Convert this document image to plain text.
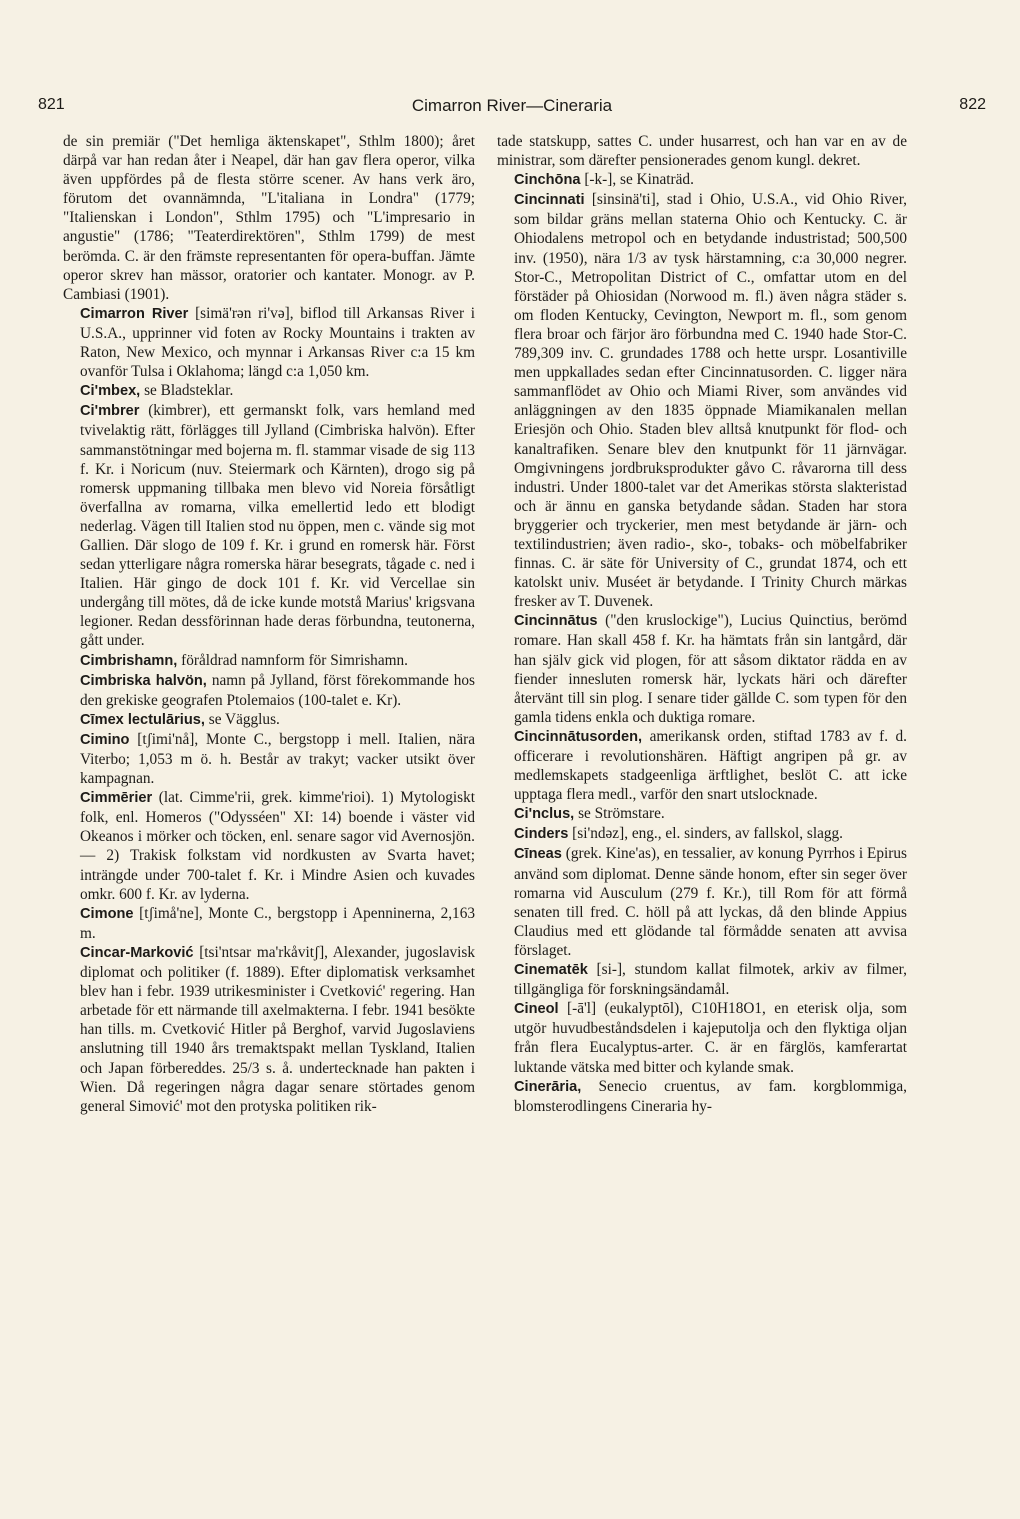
821	Cimarron River—Cineraria	822

de sin premiär ("Det hemliga äktenskapet", Sthlm 1800); året därpå var han redan åter i Neapel, där han gav flera operor, vilka även uppfördes på de flesta större scener. Av hans verk äro, förutom det ovannämnda, "L'italiana in Londra" (1779; "Italienskan i London", Sthlm 1795) och "L'impresario in angustie" (1786; "Teaterdirektören", Sthlm 1799) de mest berömda. C. är den främste representanten för opera-buffan. Jämte operor skrev han mässor, oratorier och kantater. Monogr. av P. Cambiasi (1901).

Cimarron River [simä'rən ri'və], biflod till Arkansas River i U.S.A., upprinner vid foten av Rocky Mountains i trakten av Raton, New Mexico, och mynnar i Arkansas River c:a 15 km ovanför Tulsa i Oklahoma; längd c:a 1,050 km.

Ci'mbex, se Bladsteklar.

Ci'mbrer (kimbrer), ett germanskt folk, vars hemland med tvivelaktig rätt, förlägges till Jylland (Cimbriska halvön). Efter sammanstötningar med bojerna m. fl. stammar visade de sig 113 f. Kr. i Noricum (nuv. Steiermark och Kärnten), drogo sig på romersk uppmaning tillbaka men blevo vid Noreia försåtligt överfallna av romarna, vilka emellertid ledo ett blodigt nederlag. Vägen till Italien stod nu öppen, men c. vände sig mot Gallien. Där slogo de 109 f. Kr. i grund en romersk här. Först sedan ytterligare några romerska härar besegrats, tågade c. ned i Italien. Här gingo de dock 101 f. Kr. vid Vercellae sin undergång till mötes, då de icke kunde motstå Marius' krigsvana legioner. Redan dessförinnan hade deras förbundna, teutonerna, gått under.

Cimbrishamn, föråldrad namnform för Simrishamn.

Cimbriska halvön, namn på Jylland, först förekommande hos den grekiske geografen Ptolemaios (100-talet e. Kr).

Cīmex lectulārius, se Vägglus.

Cimino [tʃimi'nå], Monte C., bergstopp i mell. Italien, nära Viterbo; 1,053 m ö. h. Består av trakyt; vacker utsikt över kampagnan.

Cimmērier (lat. Cimme'rii, grek. kimme'rioi). 1) Mytologiskt folk, enl. Homeros ("Odysséen" XI: 14) boende i väster vid Okeanos i mörker och töcken, enl. senare sagor vid Avernosjön. — 2) Trakisk folkstam vid nordkusten av Svarta havet; inträngde under 700-talet f. Kr. i Mindre Asien och kuvades omkr. 600 f. Kr. av lyderna.

Cimone [tʃimå'ne], Monte C., bergstopp i Apenninerna, 2,163 m.

Cincar-Marković [tsi'ntsar ma'rkåvitʃ], Alexander, jugoslavisk diplomat och politiker (f. 1889). Efter diplomatisk verksamhet blev han i febr. 1939 utrikesminister i Cvetković' regering. Han arbetade för ett närmande till axelmakterna. I febr. 1941 besökte han tills. m. Cvetković Hitler på Berghof, varvid Jugoslaviens anslutning till 1940 års tremaktspakt mellan Tyskland, Italien och Japan förbereddes. 25/3 s. å. undertecknade han pakten i Wien. Då regeringen några dagar senare störtades genom general Simović' mot den protyska politiken rik-

tade statskupp, sattes C. under husarrest, och han var en av de ministrar, som därefter pensionerades genom kungl. dekret.

Cinchōna [-k-], se Kinaträd.

Cincinnati [sinsinä'ti], stad i Ohio, U.S.A., vid Ohio River, som bildar gräns mellan staterna Ohio och Kentucky. C. är Ohiodalens metropol och en betydande industristad; 500,500 inv. (1950), nära 1/3 av tysk härstamning, c:a 30,000 negrer. Stor-C., Metropolitan District of C., omfattar utom en del förstäder på Ohiosidan (Norwood m. fl.) även några städer s. om floden Kentucky, Cevington, Newport m. fl., som genom flera broar och färjor äro förbundna med C. 1940 hade Stor-C. 789,309 inv. C. grundades 1788 och hette urspr. Losantiville men uppkallades sedan efter Cincinnatusorden. C. ligger nära sammanflödet av Ohio och Miami River, som användes vid anläggningen av den 1835 öppnade Miamikanalen mellan Eriesjön och Ohio. Staden blev alltså knutpunkt för flod- och kanaltrafiken. Senare blev den knutpunkt för 11 järnvägar. Omgivningens jordbruksprodukter gåvo C. råvarorna till dess industri. Under 1800-talet var det Amerikas största slakteristad och är ännu en ganska betydande sådan. Staden har stora bryggerier och tryckerier, men mest betydande är järn- och textilindustrien; även radio-, sko-, tobaks- och möbelfabriker finnas. C. är säte för University of C., grundat 1874, och ett katolskt univ. Muséet är betydande. I Trinity Church märkas fresker av T. Duvenek.

Cincinnātus ("den kruslockige"), Lucius Quinctius, berömd romare. Han skall 458 f. Kr. ha hämtats från sin lantgård, där han själv gick vid plogen, för att såsom diktator rädda en av fiender innesluten romersk här, lyckats häri och därefter återvänt till sin plog. I senare tider gällde C. som typen för den gamla tidens enkla och duktiga romare.

Cincinnātusorden, amerikansk orden, stiftad 1783 av f. d. officerare i revolutionshären. Häftigt angripen på gr. av medlemskapets stadgeenliga ärftlighet, beslöt C. att icke upptaga flera medl., varför den snart utslocknade.

Ci'nclus, se Strömstare.

Cinders [si'ndəz], eng., el. sinders, av fallskol, slagg.

Cīneas (grek. Kine'as), en tessalier, av konung Pyrrhos i Epirus använd som diplomat. Denne sände honom, efter sin seger över romarna vid Ausculum (279 f. Kr.), till Rom för att förmå senaten till fred. C. höll på att lyckas, då den blinde Appius Claudius med ett glödande tal förmådde senaten att avvisa förslaget.

Cinematēk [si-], stundom kallat filmotek, arkiv av filmer, tillgängliga för forskningsändamål.

Cineol [-ā'l] (eukalyptōl), C10H18O1, en eterisk olja, som utgör huvudbeståndsdelen i kajeputolja och den flyktiga oljan från flera Eucalyptus-arter. C. är en färglös, kamferartat luktande vätska med bitter och kylande smak.

Cinerāria, Senecio cruentus, av fam. korgblommiga, blomsterodlingens Cineraria hy-
